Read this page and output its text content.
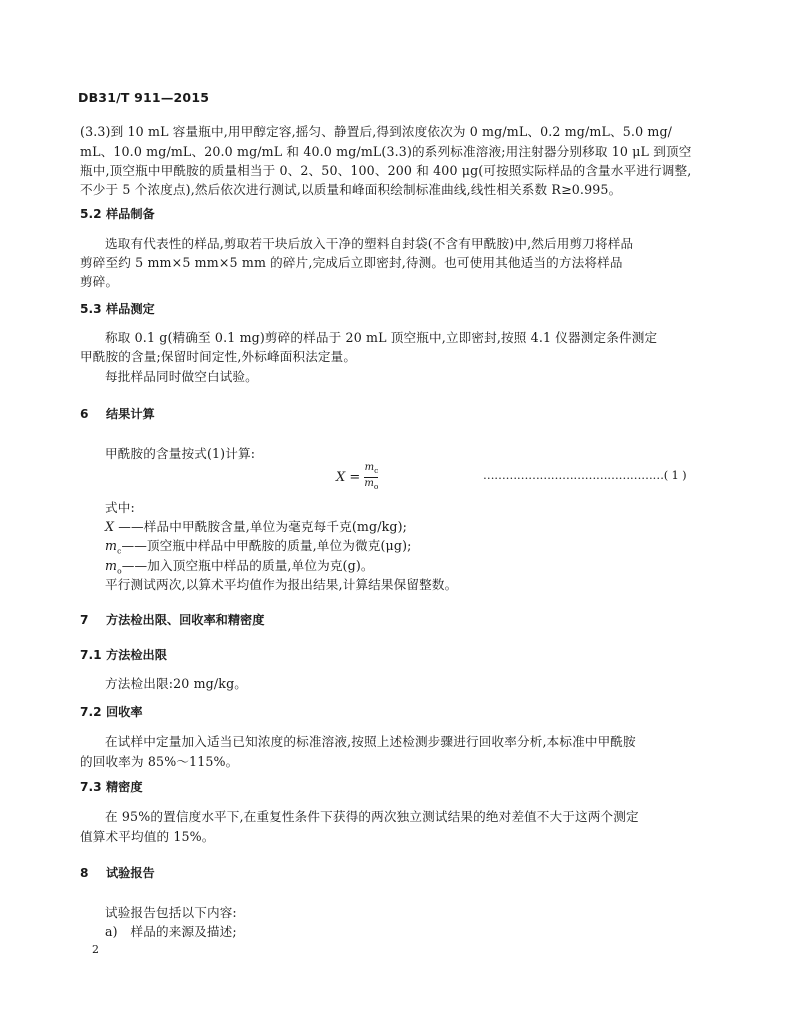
DB31/T 911—2015
(3.3)到 10 mL 容量瓶中,用甲醇定容,摇匀、静置后,得到浓度依次为 0 mg/mL、0.2 mg/mL、5.0 mg/
mL、10.0 mg/mL、20.0 mg/mL 和 40.0 mg/mL(3.3)的系列标准溶液;用注射器分别移取 10 μL 到顶空
瓶中,顶空瓶中甲酰胺的质量相当于 0、2、50、100、200 和 400 μg(可按照实际样品的含量水平进行调整,
不少于 5 个浓度点),然后依次进行测试,以质量和峰面积绘制标准曲线,线性相关系数 R≥0.995。
5.2 样品制备
选取有代表性的样品,剪取若干块后放入干净的塑料自封袋(不含有甲酰胺)中,然后用剪刀将样品
剪碎至约 5 mm×5 mm×5 mm 的碎片,完成后立即密封,待测。也可使用其他适当的方法将样品
剪碎。
5.3 样品测定
称取 0.1 g(精确至 0.1 mg)剪碎的样品于 20 mL 顶空瓶中,立即密封,按照 4.1 仪器测定条件测定
甲酰胺的含量;保留时间定性,外标峰面积法定量。
每批样品同时做空白试验。
6 结果计算
甲酰胺的含量按式(1)计算:
$X = \frac{m_c}{m_o}$	…………………………………………( 1 )
式中:
X ——样品中甲酰胺含量,单位为毫克每千克(mg/kg);
$m_c——$顶空瓶中样品中甲酰胺的质量,单位为微克(μg);
$m_o——$加入顶空瓶中样品的质量,单位为克(g)。
平行测试两次,以算术平均值作为报出结果,计算结果保留整数。
7 方法检出限、回收率和精密度
7.1 方法检出限
方法检出限:20 mg/kg。
7.2 回收率
在试样中定量加入适当已知浓度的标准溶液,按照上述检测步骤进行回收率分析,本标准中甲酰胺
的回收率为 85%～115%。
7.3 精密度
在 95%的置信度水平下,在重复性条件下获得的两次独立测试结果的绝对差值不大于这两个测定
值算术平均值的 15%。
8 试验报告
试验报告包括以下内容:
a)　样品的来源及描述;
2
